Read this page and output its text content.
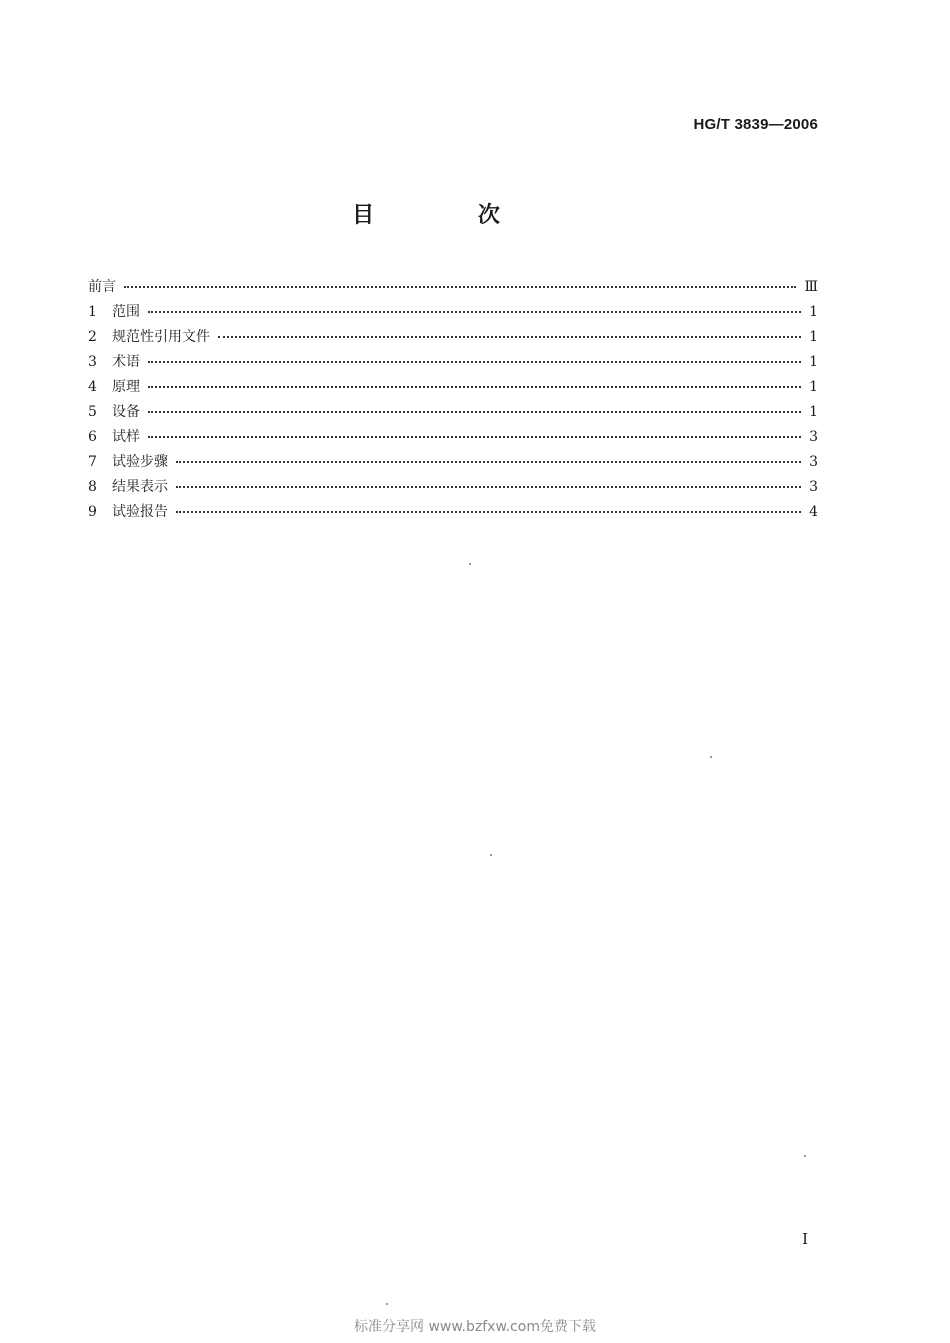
HG/T 3839—2006
目 次
前言	Ⅲ
1	范围	1
2	规范性引用文件	1
3	术语	1
4	原理	1
5	设备	1
6	试样	3
7	试验步骤	3
8	结果表示	3
9	试验报告	4
I
标准分享网 www.bzfxw.com免费下载
